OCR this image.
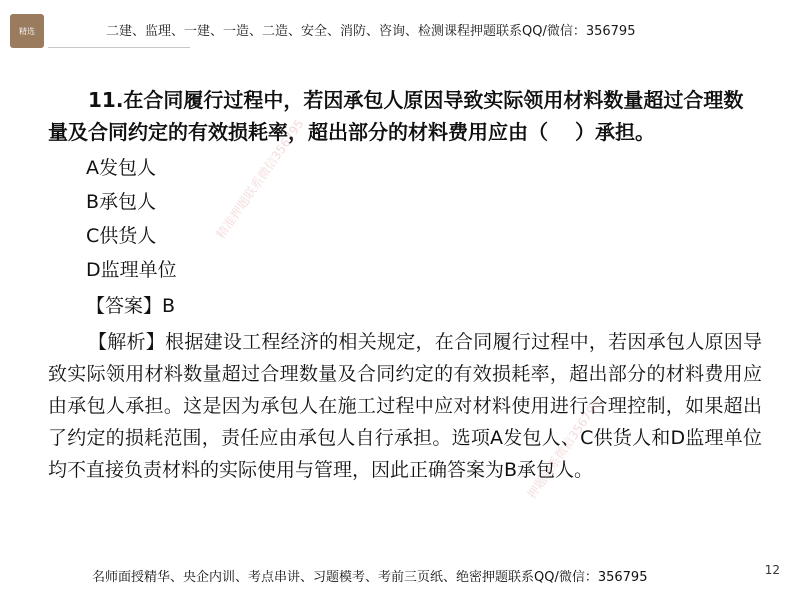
精选	二建、监理、一建、一造、二造、安全、消防、咨询、检测课程押题联系QQ/微信：356795

11.在合同履行过程中，若因承包人原因导致实际领用材料数量超过合理数量及合同约定的有效损耗率，超出部分的材料费用应由（　 ）承担。

A发包人
B承包人
C供货人
D监理单位
【答案】B

【解析】根据建设工程经济的相关规定，在合同履行过程中，若因承包人原因导致实际领用材料数量超过合理数量及合同约定的有效损耗率，超出部分的材料费用应由承包人承担。这是因为承包人在施工过程中应对材料使用进行合理控制，如果超出了约定的损耗范围，责任应由承包人自行承担。选项A发包人、C供货人和D监理单位均不直接负责材料的实际使用与管理，因此正确答案为B承包人。

精准押题联系微信356795
押题联系微信356795
名师面授精华、央企内训、考点串讲、习题模考、考前三页纸、绝密押题联系QQ/微信：356795	12
